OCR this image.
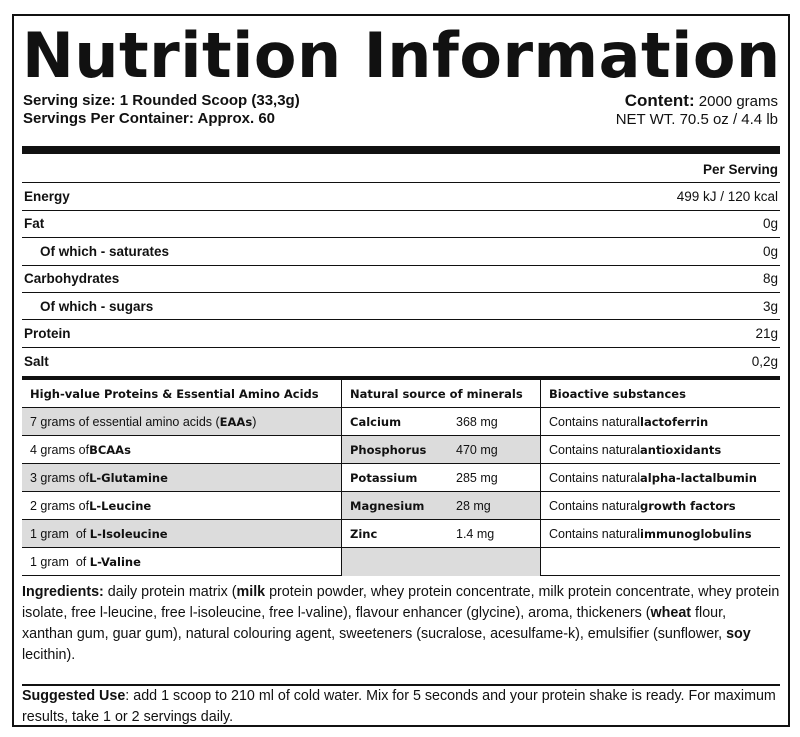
Nutrition Information
Serving size: 1 Rounded Scoop (33,3g)
Servings Per Container: Approx. 60
Content: 2000 grams
NET WT. 70.5 oz / 4.4 lb
Per Serving
Energy	499 kJ / 120 kcal
Fat	0g
Of which - saturates	0g
Carbohydrates	8g
Of which - sugars	3g
Protein	21g
Salt	0,2g
High-value Proteins & Essential Amino Acids	Natural source of minerals	Bioactive substances
7 grams of essential amino acids ( EAAs )	Calcium	368 mg	Contains natural lactoferrin
4 grams of BCAAs	Phosphorus	470 mg	Contains natural antioxidants
3 grams of L-Glutamine	Potassium	285 mg	Contains natural alpha-lactalbumin
2 grams of L-Leucine	Magnesium	28 mg	Contains natural growth factors
1 gram  of L-Isoleucine	Zinc	1.4 mg	Contains natural immunoglobulins
1 gram  of L-Valine
Ingredients: daily protein matrix (milk protein powder, whey protein concentrate, milk protein concentrate, whey protein isolate, free l-leucine, free l-isoleucine, free l-valine), flavour enhancer (glycine), aroma, thickeners (wheat flour, xanthan gum, guar gum), natural colouring agent, sweeteners (sucralose, acesulfame-k), emulsifier (sunflower, soy lecithin).
Suggested Use: add 1 scoop to 210 ml of cold water. Mix for 5 seconds and your protein shake is ready. For maximum results, take 1 or 2 servings daily.
